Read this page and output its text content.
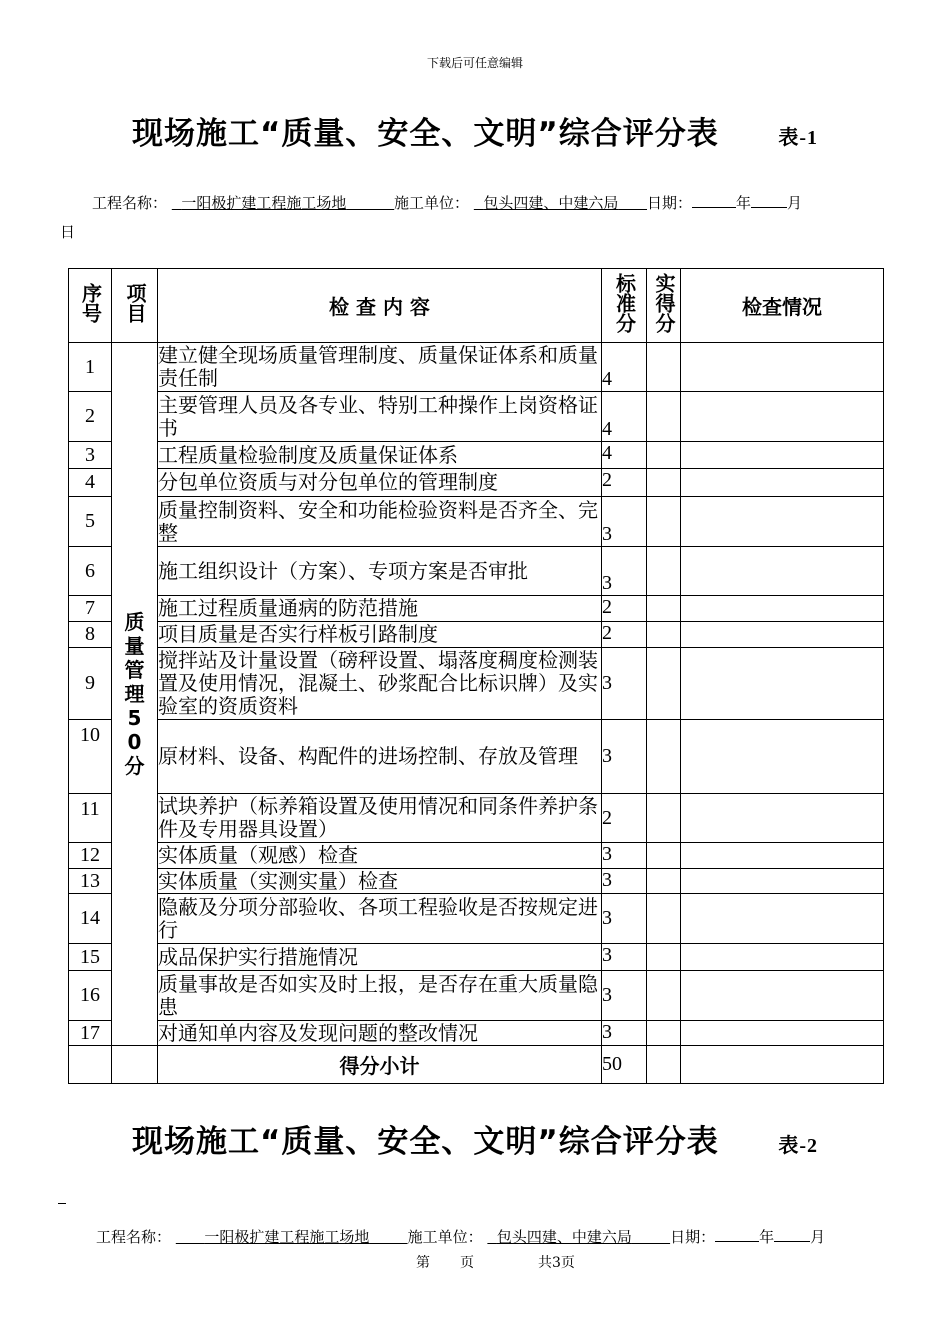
下载后可任意编辑
现场施工“质量、安全、文明”综合评分表	表-1
工程名称： 一阳极扩建工程施工场地	施工单位： 包头四建、中建六局 日期：	年 月
日
序号	项目	检 查 内 容	标准分	实得分	检查情况
1	质量管理50分	建立健全现场质量管理制度、质量保证体系和质量责任制	4		
2		主要管理人员及各专业、特别工种操作上岗资格证书	4		
3		工程质量检验制度及质量保证体系	4		
4		分包单位资质与对分包单位的管理制度	2		
5		质量控制资料、安全和功能检验资料是否齐全、完整	3		
6		施工组织设计（方案）、专项方案是否审批	3		
7		施工过程质量通病的防范措施	2		
8		项目质量是否实行样板引路制度	2		
9		搅拌站及计量设置（磅秤设置、塌落度稠度检测装置及使用情况，混凝土、砂浆配合比标识牌）及实验室的资质资料	3		
10		原材料、设备、构配件的进场控制、存放及管理	3		
11		试块养护（标养箱设置及使用情况和同条件养护条件及专用器具设置）	2		
12		实体质量（观感）检查	3		
13		实体质量（实测实量）检查	3		
14		隐蔽及分项分部验收、各项工程验收是否按规定进行	3		
15		成品保护实行措施情况	3		
16		质量事故是否如实及时上报，是否存在重大质量隐患	3		
17		对通知单内容及发现问题的整改情况	3		
		得分小计	50		
现场施工“质量、安全、文明”综合评分表	表-2
工程名称： 一阳极扩建工程施工场地	施工单位： 包头四建、中建六局	日期：	年 月
第 页	共3页
